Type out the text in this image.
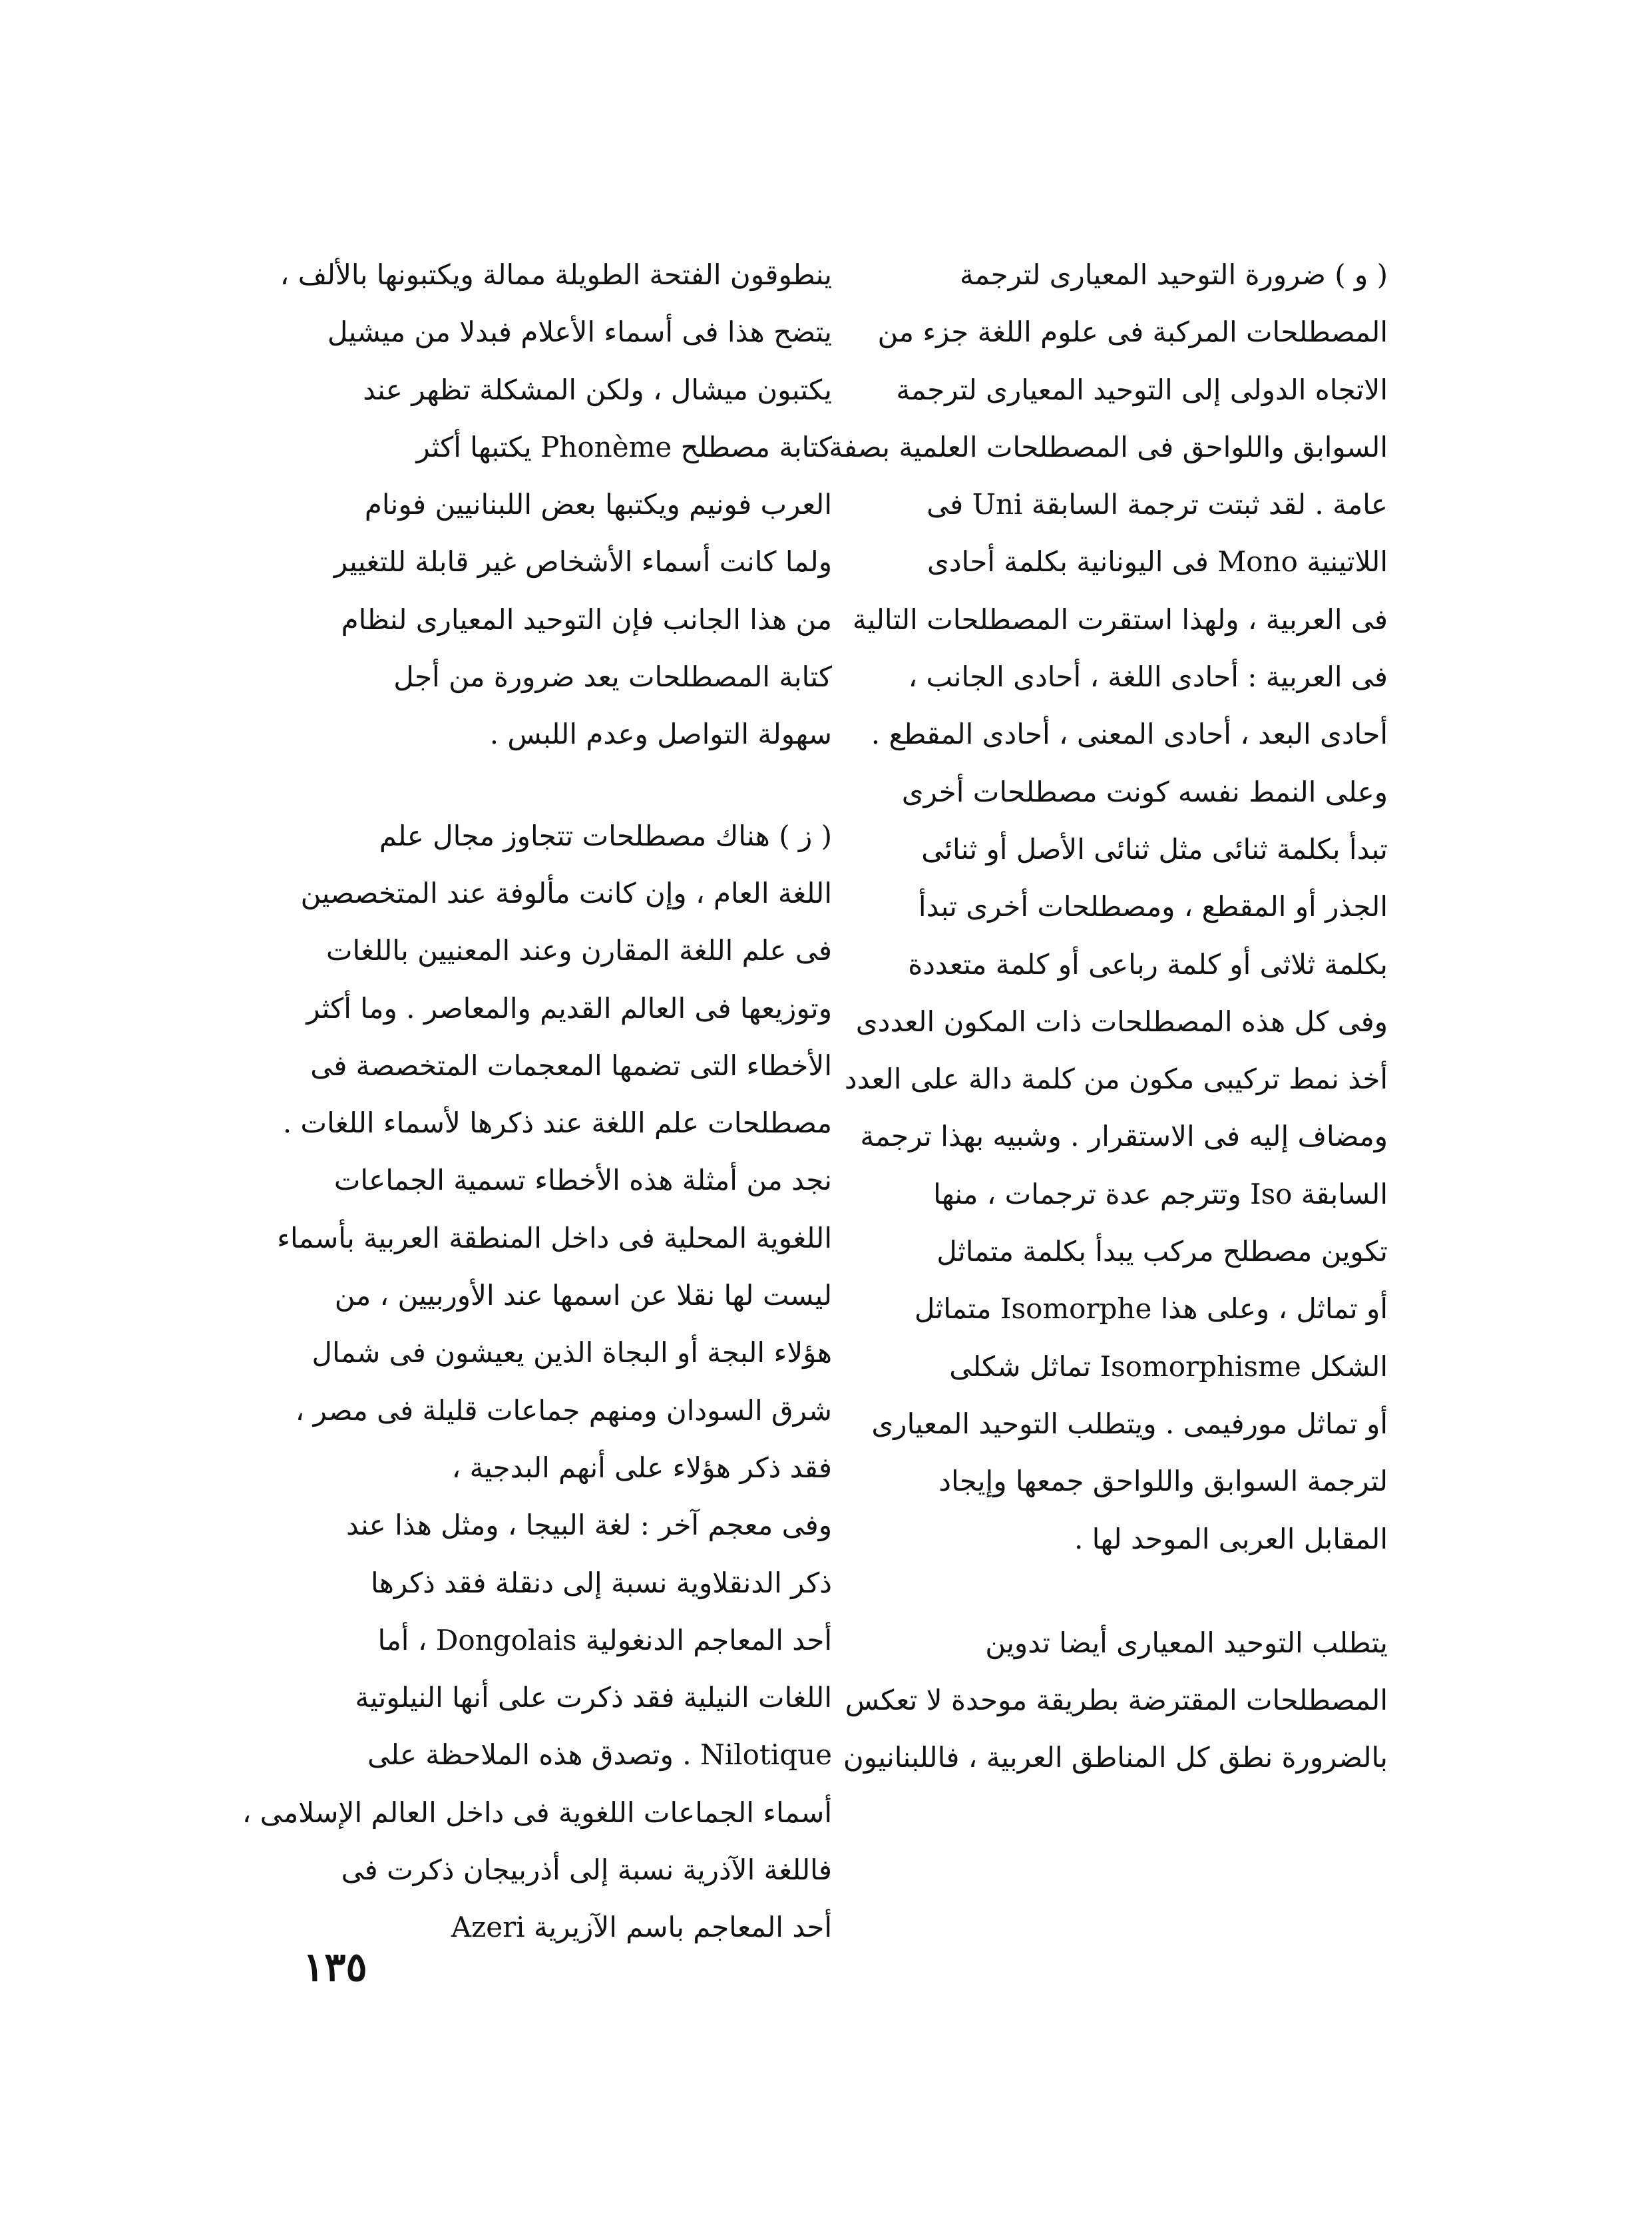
( و ) ضرورة التوحيد المعيارى لترجمة
المصطلحات المركبة فى علوم اللغة جزء من
الاتجاه الدولى إلى التوحيد المعيارى لترجمة
السوابق واللواحق فى المصطلحات العلمية بصفة
عامة . لقد ثبتت ترجمة السابقة Uni فى
اللاتينية Mono فى اليونانية بكلمة أحادى
فى العربية ، ولهذا استقرت المصطلحات التالية
فى العربية : أحادى اللغة ، أحادى الجانب ،
أحادى البعد ، أحادى المعنى ، أحادى المقطع .
وعلى النمط نفسه كونت مصطلحات أخرى
تبدأ بكلمة ثنائى مثل ثنائى الأصل أو ثنائى
الجذر أو المقطع ، ومصطلحات أخرى تبدأ
بكلمة ثلاثى أو كلمة رباعى أو كلمة متعددة
وفى كل هذه المصطلحات ذات المكون العددى
أخذ نمط تركيبى مكون من كلمة دالة على العدد
ومضاف إليه فى الاستقرار . وشبيه بهذا ترجمة
السابقة Iso وتترجم عدة ترجمات ، منها
تكوين مصطلح مركب يبدأ بكلمة متماثل
أو تماثل ، وعلى هذا Isomorphe متماثل
الشكل Isomorphisme تماثل شكلى
أو تماثل مورفيمى . ويتطلب التوحيد المعيارى
لترجمة السوابق واللواحق جمعها وإيجاد
المقابل العربى الموحد لها .
يتطلب التوحيد المعيارى أيضا تدوين
المصطلحات المقترضة بطريقة موحدة لا تعكس
بالضرورة نطق كل المناطق العربية ، فاللبنانيون
ينطوقون الفتحة الطويلة ممالة ويكتبونها بالألف ،
يتضح هذا فى أسماء الأعلام فبدلا من ميشيل
يكتبون ميشال ، ولكن المشكلة تظهر عند
كتابة مصطلح Phonème يكتبها أكثر
العرب فونيم ويكتبها بعض اللبنانيين فونام
ولما كانت أسماء الأشخاص غير قابلة للتغيير
من هذا الجانب فإن التوحيد المعيارى لنظام
كتابة المصطلحات يعد ضرورة من أجل
سهولة التواصل وعدم اللبس .
( ز ) هناك مصطلحات تتجاوز مجال علم
اللغة العام ، وإن كانت مألوفة عند المتخصصين
فى علم اللغة المقارن وعند المعنيين باللغات
وتوزيعها فى العالم القديم والمعاصر . وما أكثر
الأخطاء التى تضمها المعجمات المتخصصة فى
مصطلحات علم اللغة عند ذكرها لأسماء اللغات .
نجد من أمثلة هذه الأخطاء تسمية الجماعات
اللغوية المحلية فى داخل المنطقة العربية بأسماء
ليست لها نقلا عن اسمها عند الأوربيين ، من
هؤلاء البجة أو البجاة الذين يعيشون فى شمال
شرق السودان ومنهم جماعات قليلة فى مصر ،
فقد ذكر هؤلاء على أنهم البدجية ،
وفى معجم آخر : لغة البيجا ، ومثل هذا عند
ذكر الدنقلاوية نسبة إلى دنقلة فقد ذكرها
أحد المعاجم الدنغولية Dongolais ، أما
اللغات النيلية فقد ذكرت على أنها النيلوتية
Nilotique . وتصدق هذه الملاحظة على
أسماء الجماعات اللغوية فى داخل العالم الإسلامى ،
فاللغة الآذرية نسبة إلى أذربيجان ذكرت فى
أحد المعاجم باسم الآزيرية Azeri
١٣٥
